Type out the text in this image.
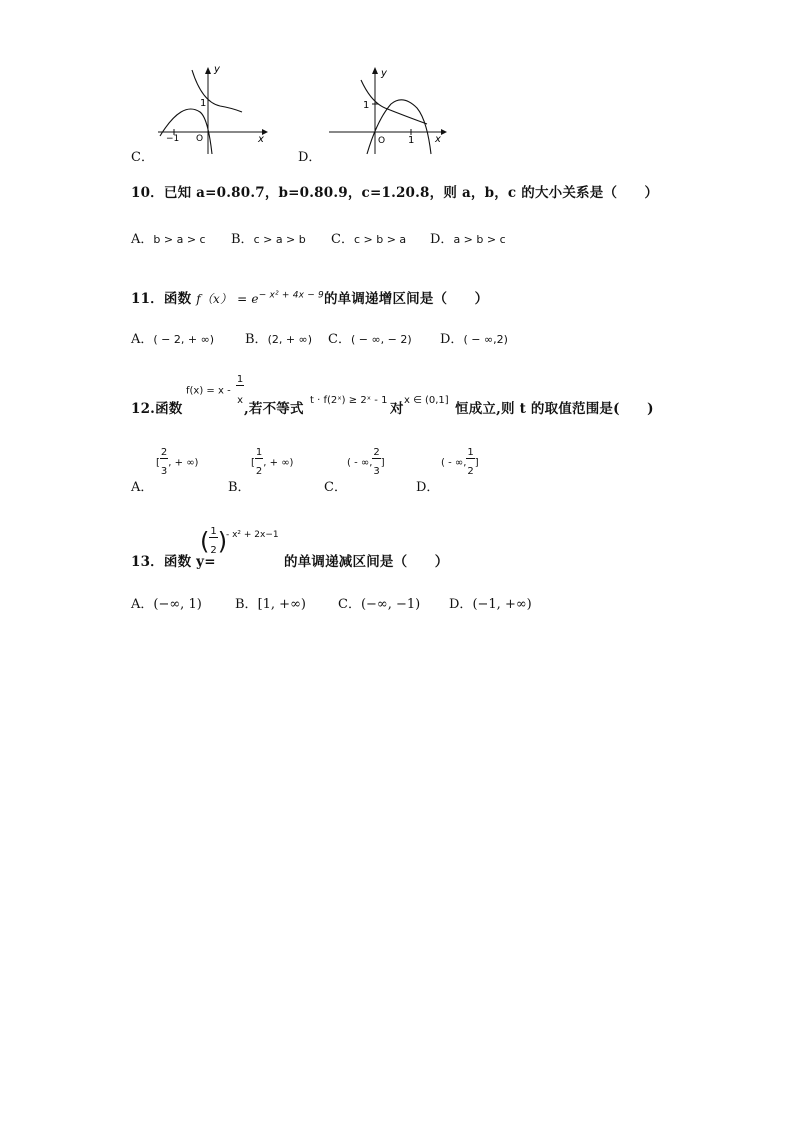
y
x
1
−1 O
C．
y
x
1
1
O
D．
10．已知 a=0.80.7，b=0.80.9，c=1.20.8，则 a，b，c 的大小关系是（　　）
A．b > a > c B．c > a > b C．c > b > a D．a > b > c
11．函数 $f(x) = e^{- x^2 + 4x - 9}$的单调递增区间是（　　）
A．( − 2, + ∞) B．(2, + ∞) C．( − ∞, − 2) D．( − ∞,2)
12.函数
$f(x) = x - \frac{1}{x}$
,若不等式
t · f(2ˣ) ≥ 2ˣ - 1
对
x ∈ (0,1]
恒成立,则 t 的取值范围是(　　)
A．
[ $\frac{2}{3}$ , + ∞)
B．
[ $\frac{1}{2}$ , + ∞)
C．
( - ∞, $\frac{2}{3}$ ]
D．
( - ∞, $\frac{1}{2}$ ]
13．函数 y=
( $\frac{1}{2}$ )
- x² + 2x−1
的单调递减区间是（　　）
A．(−∞, 1)	B．[1, +∞) C．(−∞, −1) D．(−1, +∞)
